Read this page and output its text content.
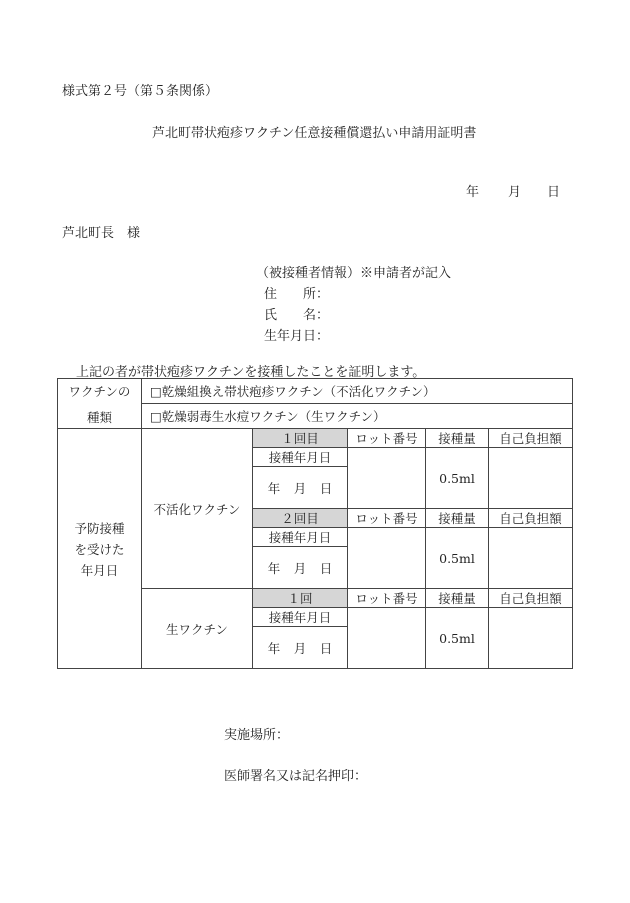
様式第２号（第５条関係）
芦北町帯状疱疹ワクチン任意接種償還払い申請用証明書
年 月 日
芦北町長　様
（被接種者情報）※申請者が記入
住　　所：
氏　　名：
生年月日：
上記の者が帯状疱疹ワクチンを接種したことを証明します。
ワクチンの
種類	□乾燥組換え帯状疱疹ワクチン（不活化ワクチン）				
	□乾燥弱毒生水痘ワクチン（生ワクチン）				

予防接種
を受けた
年月日	不活化ワクチン	１回目	ロット番号	接種量	自己負担額
		接種年月日		0.5ml	

		年 月 日			

		２回目	ロット番号	接種量	自己負担額
		接種年月日		0.5ml	

		年 月 日			

	生ワクチン	１回	ロット番号	接種量	自己負担額
		接種年月日		0.5ml	

		年 月 日			

実施場所：
医師署名又は記名押印：
